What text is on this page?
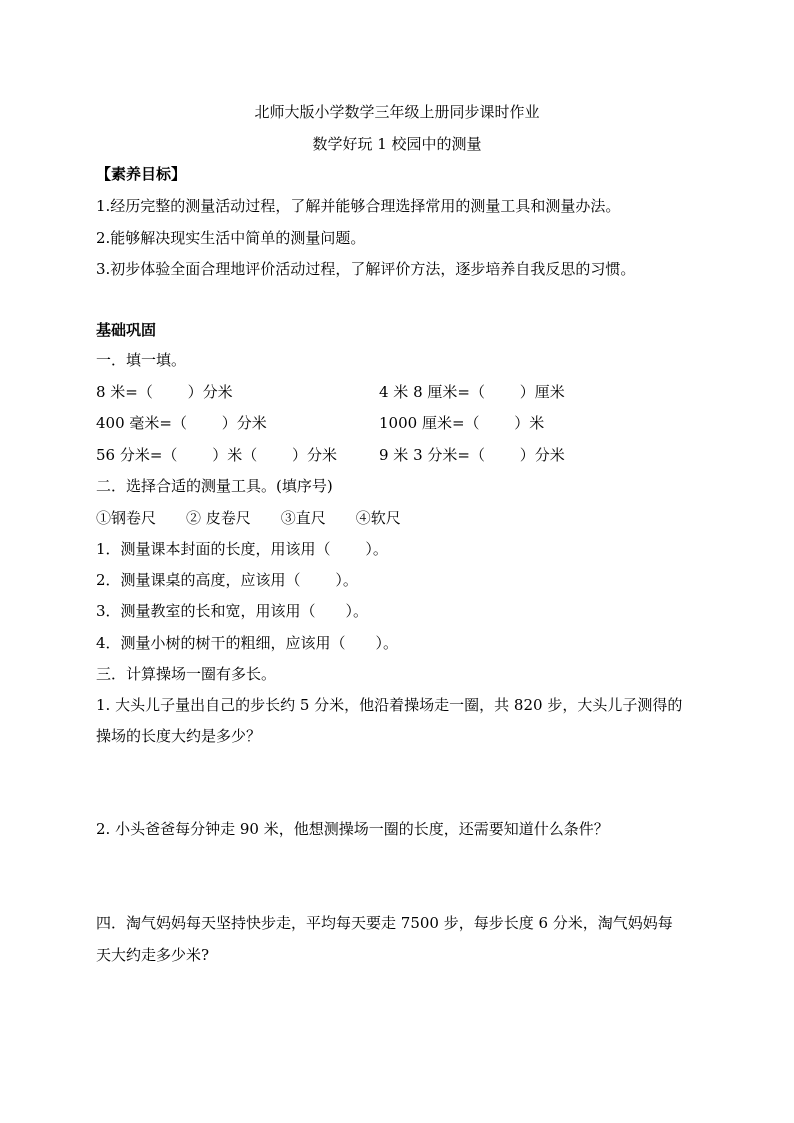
北师大版小学数学三年级上册同步课时作业
数学好玩 1 校园中的测量
【素养目标】
1.经历完整的测量活动过程，了解并能够合理选择常用的测量工具和测量办法。
2.能够解决现实生活中简单的测量问题。
3.初步体验全面合理地评价活动过程，了解评价方法，逐步培养自我反思的习惯。
基础巩固
一．填一填。
8 米=（　　 ）分米	4 米 8 厘米=（　　 ）厘米
400 毫米=（　　 ）分米	1000 厘米=（　　 ）米
56 分米=（　　 ）米（　　 ）分米	9 米 3 分米=（　　 ）分米
二．选择合适的测量工具。(填序号)
①钢卷尺　　② 皮卷尺　　③直尺　　④软尺
1．测量课本封面的长度，用该用（　　 ）。
2．测量课桌的高度，应该用（　　 ）。
3．测量教室的长和宽，用该用（　　）。
4．测量小树的树干的粗细，应该用（　　）。
三．计算操场一圈有多长。
1. 大头儿子量出自己的步长约 5 分米，他沿着操场走一圈，共 820 步，大头儿子测得的
操场的长度大约是多少？
2. 小头爸爸每分钟走 90 米，他想测操场一圈的长度，还需要知道什么条件？
四．淘气妈妈每天坚持快步走，平均每天要走 7500 步，每步长度 6 分米，淘气妈妈每
天大约走多少米?
